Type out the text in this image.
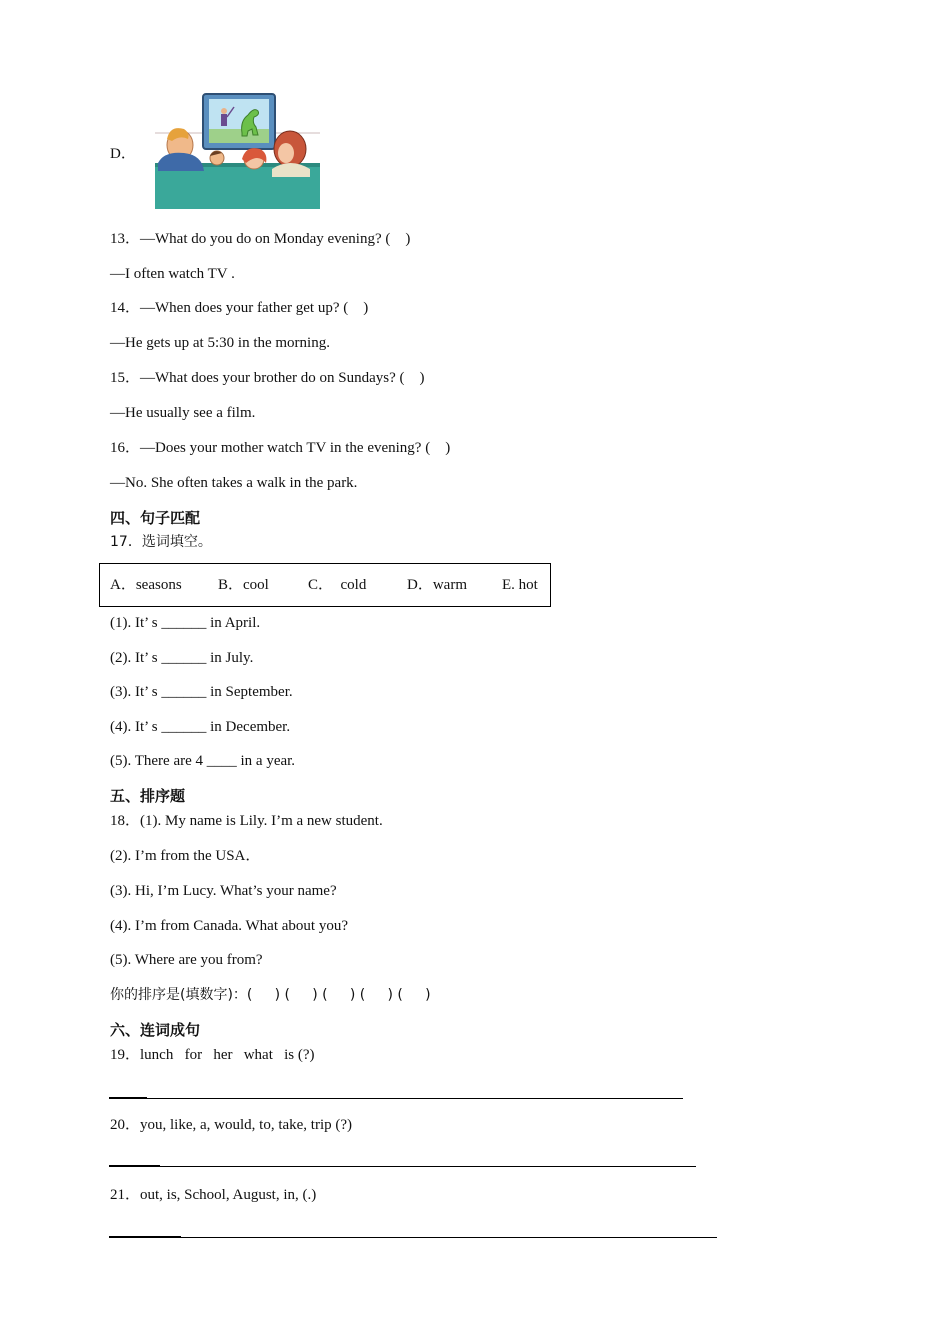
D．
13．—What do you do on Monday evening? (    )
—I often watch TV .
14．—When does your father get up? (    )
—He gets up at 5:30 in the morning.
15．—What does your brother do on Sundays? (    )
—He usually see a film.
16．—Does your mother watch TV in the evening? (    )
—No. She often takes a walk in the park.
四、句子匹配
17．选词填空。
A．seasons B．cool	C．  cold	D．warm E. hot
(1). It’ s ______ in April.
(2). It’ s ______ in July.
(3). It’ s ______ in September.
(4). It’ s ______ in December.
(5). There are 4 ____ in a year.
五、排序题
18．(1). My name is Lily. I’m a new student.
(2). I’m from the USA．
(3). Hi, I’m Lucy. What’s your name?
(4). I’m from Canada. What about you?
(5). Where are you from?
你的排序是(填数字)：(     ) (     ) (     ) (     ) (     )
六、连词成句
19．lunch   for   her   what   is (?)
20．you, like, a, would, to, take, trip (?)
21．out, is, School, August, in, (.)
